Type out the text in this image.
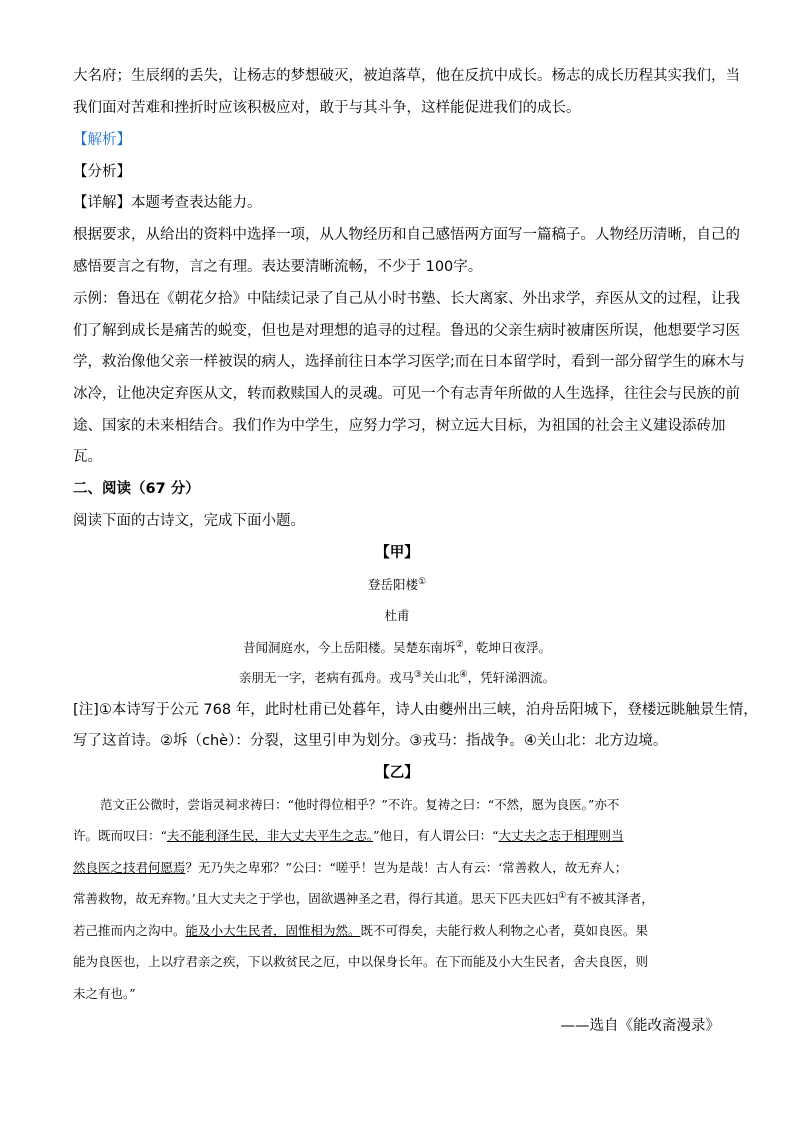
大名府；生辰纲的丢失，让杨志的梦想破灭，被迫落草，他在反抗中成长。杨志的成长历程其实我们，当
我们面对苦难和挫折时应该积极应对，敢于与其斗争，这样能促进我们的成长。
【解析】
【分析】
【详解】本题考查表达能力。
根据要求，从给出的资料中选择一项，从人物经历和自己感悟两方面写一篇稿子。人物经历清晰，自己的
感悟要言之有物，言之有理。表达要清晰流畅，不少于 100字。
示例：鲁迅在《朝花夕拾》中陆续记录了自己从小时书塾、长大离家、外出求学，弃医从文的过程，让我
们了解到成长是痛苦的蜕变，但也是对理想的追寻的过程。鲁迅的父亲生病时被庸医所误，他想要学习医
学，救治像他父亲一样被误的病人，选择前往日本学习医学;而在日本留学时，看到一部分留学生的麻木与
冰冷，让他决定弃医从文，转而救赎国人的灵魂。可见一个有志青年所做的人生选择，往往会与民族的前
途、国家的未来相结合。我们作为中学生，应努力学习，树立远大目标，为祖国的社会主义建设添砖加
瓦。
二、阅读（67 分）
阅读下面的古诗文，完成下面小题。
【甲】
登岳阳楼①
杜甫
昔闻洞庭水，今上岳阳楼。吴楚东南坼②，乾坤日夜浮。
亲朋无一字，老病有孤舟。戎马③关山北④，凭轩涕泗流。
[注]①本诗写于公元 768 年，此时杜甫已处暮年，诗人由夔州出三峡，泊舟岳阳城下，登楼远眺触景生情，
写了这首诗。②坼（chè）：分裂，这里引申为划分。③戎马：指战争。④关山北：北方边境。
【乙】
范文正公微时，尝诣灵祠求祷曰：“他时得位相乎？”不许。复祷之曰：“不然，愿为良医。”亦不
许。既而叹曰：“夫不能利泽生民，非大丈夫平生之志。”他日，有人谓公曰：“大丈夫之志于相理则当
然良医之技君何愿焉？无乃失之卑邪？”公曰：“嗟乎！岂为是哉！古人有云：‘常善救人，故无弃人；
常善救物，故无弃物。’且大丈夫之于学也，固欲遇神圣之君，得行其道。思天下匹夫匹妇①有不被其泽者，
若己推而内之沟中。能及小大生民者，固惟相为然。既不可得矣，夫能行救人利物之心者，莫如良医。果
能为良医也，上以疗君亲之疾，下以救贫民之厄，中以保身长年。在下而能及小大生民者，舍夫良医，则
未之有也。”
——选自《能改斋漫录》
